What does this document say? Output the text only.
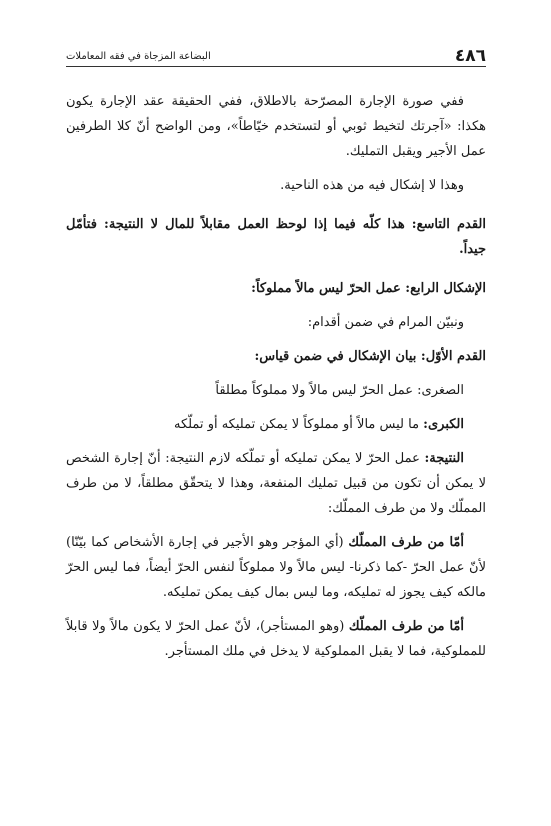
٤٨٦
البضاعة المزجاة في فقه المعاملات

ففي صورة الإجارة المصرّحة بالاطلاق، ففي الحقيقة عقد الإجارة يكون هكذا: «آجرتك لتخيط ثوبي أو لتستخدم خيّاطاً»، ومن الواضح أنّ كلا الطرفين عمل الأجير ويقبل التمليك.

وهذا لا إشكال فيه من هذه الناحية.

القدم التاسع: هذا كلّه فيما إذا لوحظ العمل مقابلاً للمال لا النتيجة: فتأمّل جيداً.

الإشكال الرابع: عمل الحرّ ليس مالاً مملوكاً:

ونبيّن المرام في ضمن أقدام:

القدم الأوّل: بيان الإشكال في ضمن قياس:

الصغرى: عمل الحرّ ليس مالاً ولا مملوكاً مطلقاً

الكبرى: ما ليس مالاً أو مملوكاً لا يمكن تمليكه أو تملّكه

النتيجة: عمل الحرّ لا يمكن تمليكه أو تملّكه لازم النتيجة: أنّ إجارة الشخص لا يمكن أن تكون من قبيل تمليك المنفعة، وهذا لا يتحقّق مطلقاً، لا من طرف المملّك ولا من طرف المملّك:

أمّا من طرف المملّك (أي المؤجر وهو الأجير في إجارة الأشخاص كما بيّنّا) لأنّ عمل الحرّ -كما ذكرنا- ليس مالاً ولا مملوكاً لنفس الحرّ أيضاً، فما ليس الحرّ مالكه كيف يجوز له تمليكه، وما ليس بمال كيف يمكن تمليكه.

أمّا من طرف المملّك (وهو المستأجر)، لأنّ عمل الحرّ لا يكون مالاً ولا قابلاً للمملوكية، فما لا يقبل المملوكية لا يدخل في ملك المستأجر.
